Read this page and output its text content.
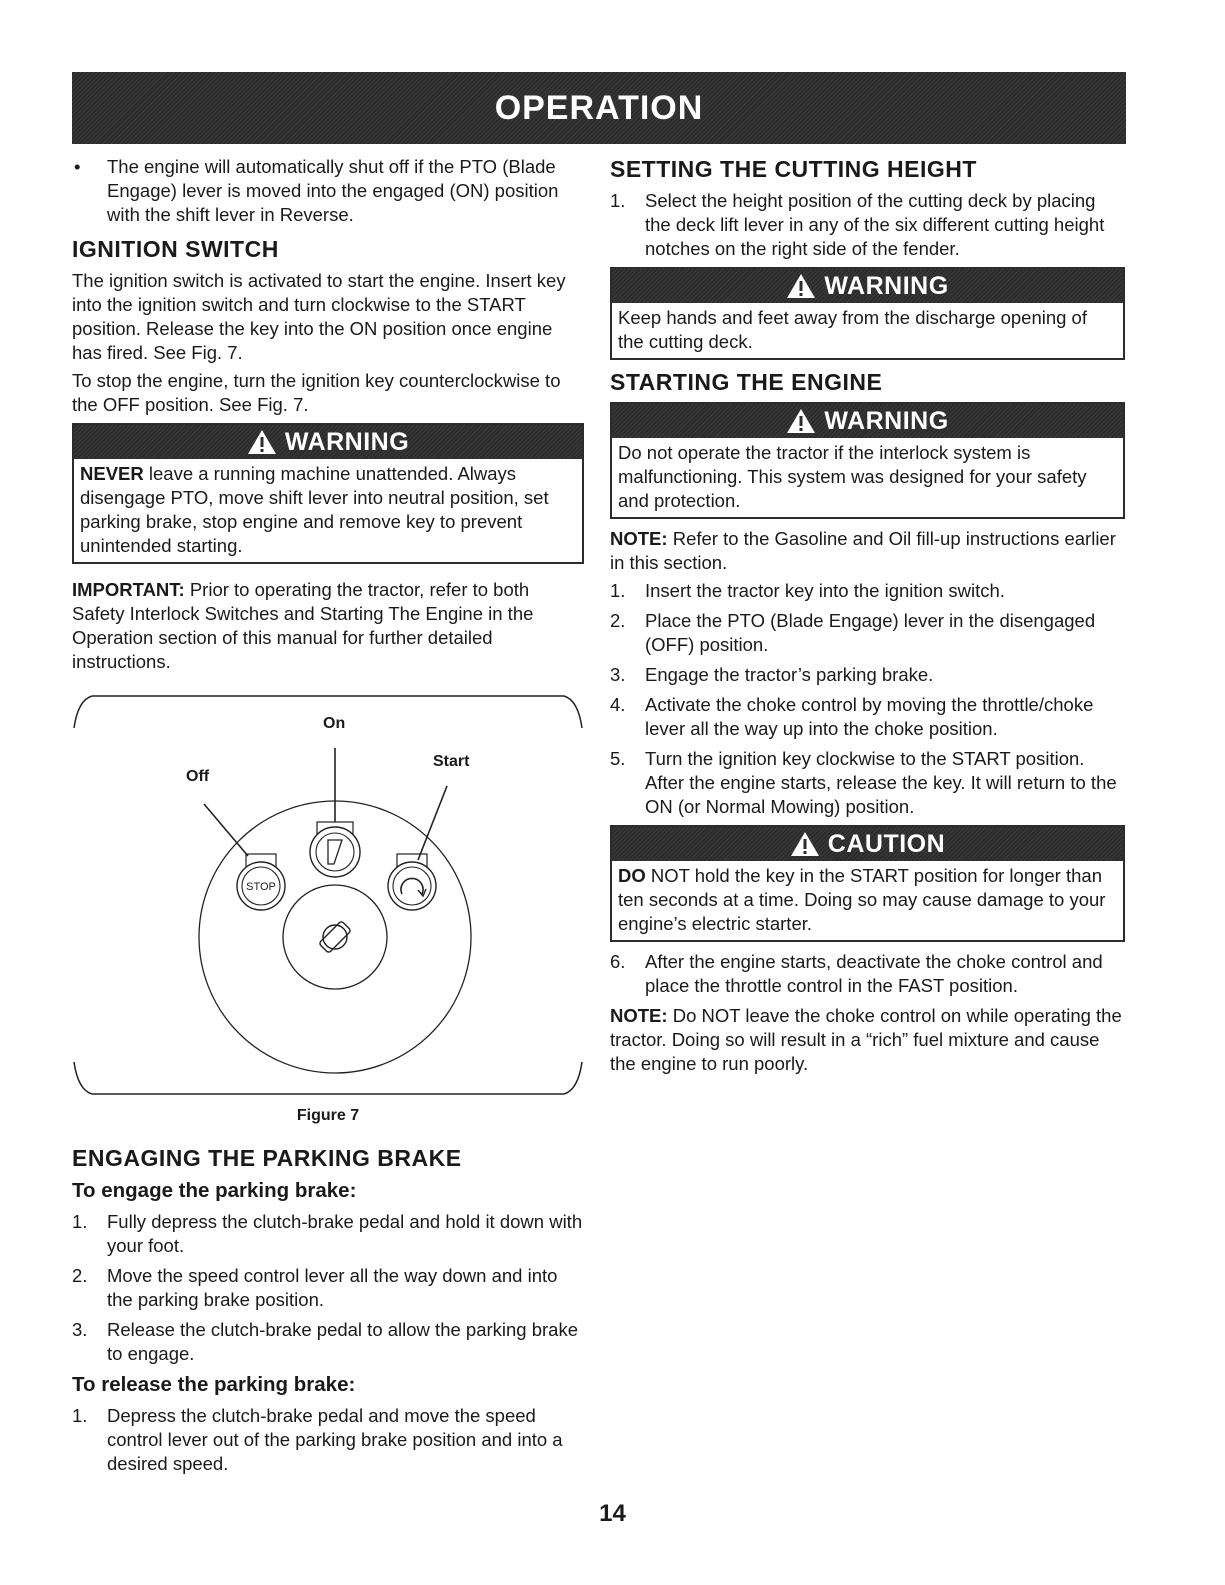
OPERATION
• The engine will automatically shut off if the PTO (Blade Engage) lever is moved into the engaged (ON) position with the shift lever in Reverse.
IGNITION SWITCH

The ignition switch is activated to start the engine. Insert key into the ignition switch and turn clockwise to the START position. Release the key into the ON position once engine has fired. See Fig. 7.

To stop the engine, turn the ignition key counterclockwise to the OFF position. See Fig. 7.

WARNING
NEVER leave a running machine unattended. Always disengage PTO, move shift lever into neutral position, set parking brake, stop engine and remove key to prevent unintended starting.

IMPORTANT: Prior to operating the tractor, refer to both Safety Interlock Switches and Starting The Engine in the Operation section of this manual for further detailed instructions.

STOP
On
Start
Off
Figure 7
ENGAGING THE PARKING BRAKE
To engage the parking brake:
1. Fully depress the clutch-brake pedal and hold it down with your foot.
2. Move the speed control lever all the way down and into the parking brake position.
3. Release the clutch-brake pedal to allow the parking brake to engage.
To release the parking brake:
1. Depress the clutch-brake pedal and move the speed control lever out of the parking brake position and into a desired speed.
SETTING THE CUTTING HEIGHT
1. Select the height position of the cutting deck by placing the deck lift lever in any of the six different cutting height notches on the right side of the fender.
WARNING
Keep hands and feet away from the discharge opening of the cutting deck.
STARTING THE ENGINE
WARNING
Do not operate the tractor if the interlock system is malfunctioning. This system was designed for your safety and protection.

NOTE: Refer to the Gasoline and Oil fill-up instructions earlier in this section.

1. Insert the tractor key into the ignition switch.
2. Place the PTO (Blade Engage) lever in the disengaged (OFF) position.
3. Engage the tractor’s parking brake.
4. Activate the choke control by moving the throttle/choke lever all the way up into the choke position.
5. Turn the ignition key clockwise to the START position. After the engine starts, release the key. It will return to the ON (or Normal Mowing) position.
CAUTION
DO NOT hold the key in the START position for longer than ten seconds at a time. Doing so may cause damage to your engine’s electric starter.
6. After the engine starts, deactivate the choke control and place the throttle control in the FAST position.

NOTE: Do NOT leave the choke control on while operating the tractor. Doing so will result in a “rich” fuel mixture and cause the engine to run poorly.

14
